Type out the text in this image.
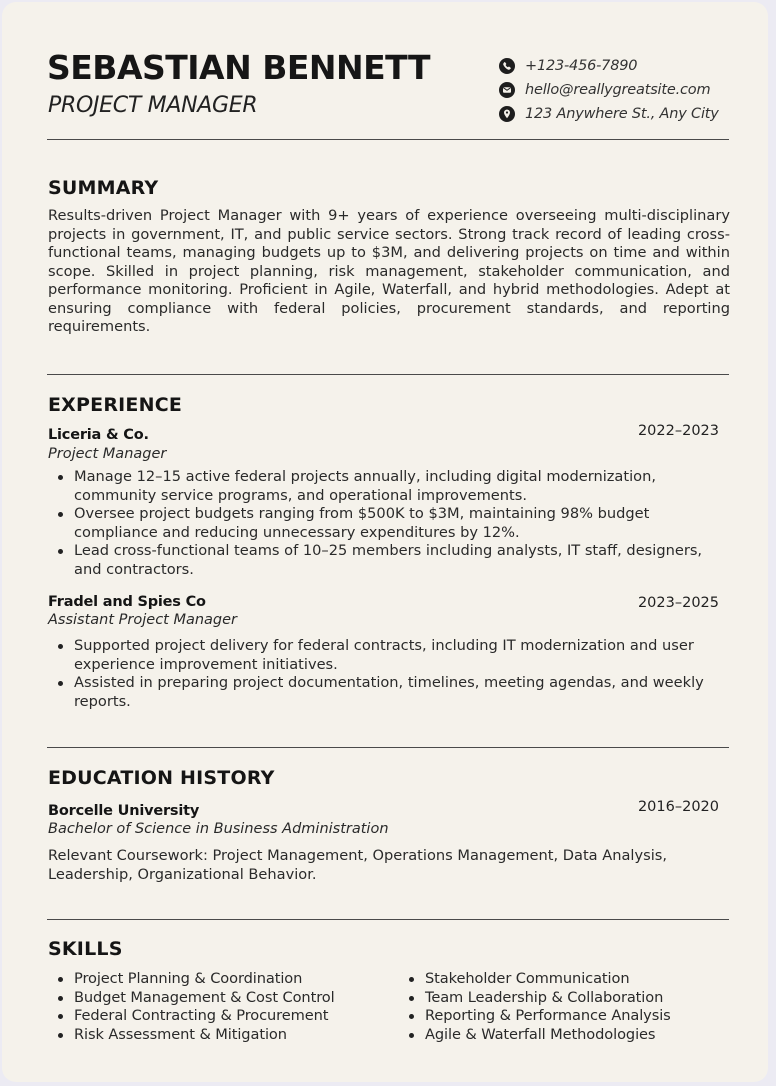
SEBASTIAN BENNETT
PROJECT MANAGER
+123-456-7890
hello@reallygreatsite.com
123 Anywhere St., Any City
SUMMARY

Results-driven Project Manager with 9+ years of experience overseeing multi-disciplinary projects in government, IT, and public service sectors. Strong track record of leading cross-functional teams, managing budgets up to $3M, and delivering projects on time and within scope. Skilled in project planning, risk management, stakeholder communication, and performance monitoring. Proficient in Agile, Waterfall, and hybrid methodologies. Adept at ensuring compliance with federal policies, procurement standards, and reporting requirements.

EXPERIENCE
Liceria & Co.	2022–2023
Project Manager
Manage 12–15 active federal projects annually, including digital modernization, community service programs, and operational improvements.
Oversee project budgets ranging from $500K to $3M, maintaining 98% budget compliance and reducing unnecessary expenditures by 12%.
Lead cross-functional teams of 10–25 members including analysts, IT staff, designers, and contractors.
Fradel and Spies Co	2023–2025
Assistant Project Manager
Supported project delivery for federal contracts, including IT modernization and user experience improvement initiatives.
Assisted in preparing project documentation, timelines, meeting agendas, and weekly reports.
EDUCATION HISTORY
Borcelle University	2016–2020
Bachelor of Science in Business Administration

Relevant Coursework: Project Management, Operations Management, Data Analysis, Leadership, Organizational Behavior.

SKILLS
Project Planning & Coordination
Budget Management & Cost Control
Federal Contracting & Procurement
Risk Assessment & Mitigation
Stakeholder Communication
Team Leadership & Collaboration
Reporting & Performance Analysis
Agile & Waterfall Methodologies
